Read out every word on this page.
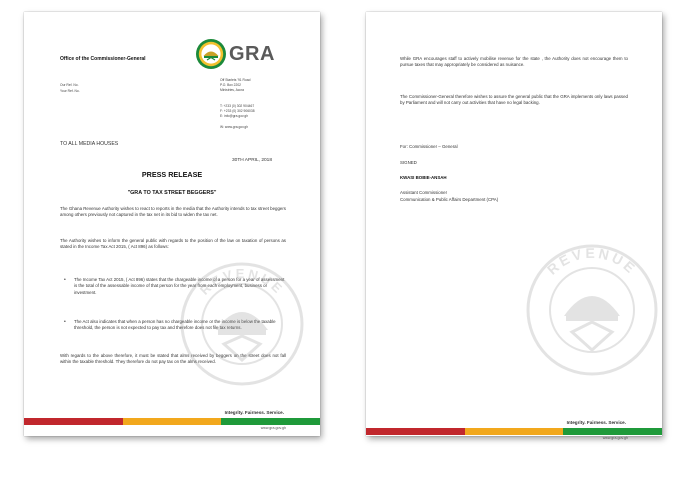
Office of the Commissioner-General	GRA
Our Ref. No.
Your Ref. No.
Off Starlets '91 Road
P.O. Box 2202
Ministries, Accra
T: +233 (0) 302 904467
F: +233 (0) 302 906038
E: info@gra.gov.gh
W: www.gra.gov.gh

TO ALL MEDIA HOUSES

30TH APRIL, 2018

PRESS RELEASE

"GRA TO TAX STREET BEGGERS"

The Ghana Revenue Authority wishes to react to reports in the media that the Authority intends to tax street beggers among others previously not captured in the tax net in its bid to widen the tax net.

The Authority wishes to inform the general public with regards to the position of the law on taxation of persons as stated in the Income Tax Act 2015, ( Act 896) as follows:

• The Income Tax Act 2015, ( Act 896) states that the chargeable income of a person for a year of assessment is the total of the assessable income of that person for the year from each employment, business or investment.
• The Act also indicates that when a person has no chargeable income or the income is below the taxable threshold, the person is not expected to pay tax and therefore does not file tax returns.

With regards to the above therefore, it must be stated that alms received by beggers on the street does not fall within the taxable threshold. They therefore do not pay tax on the alms received.

REVENUE
Integrity. Fairness. Service.
www.gra.gov.gh

While GRA encourages staff to actively mobilise revenue for the state , the Authority does not encourage them to pursue taxes that may appropriately be considered as nuisance.

The Commissioner-General therefore wishes to assure the general public that the GRA implements only laws passed by Parliament and will not carry out activities that have no legal backing.

For: Commissioner – General

SIGNED

KWASI BOBIE-ANSAH

Assistant Commissioner

Communication & Public Affairs Department (CPA)

REVENUE
Integrity. Fairness. Service.
www.gra.gov.gh
